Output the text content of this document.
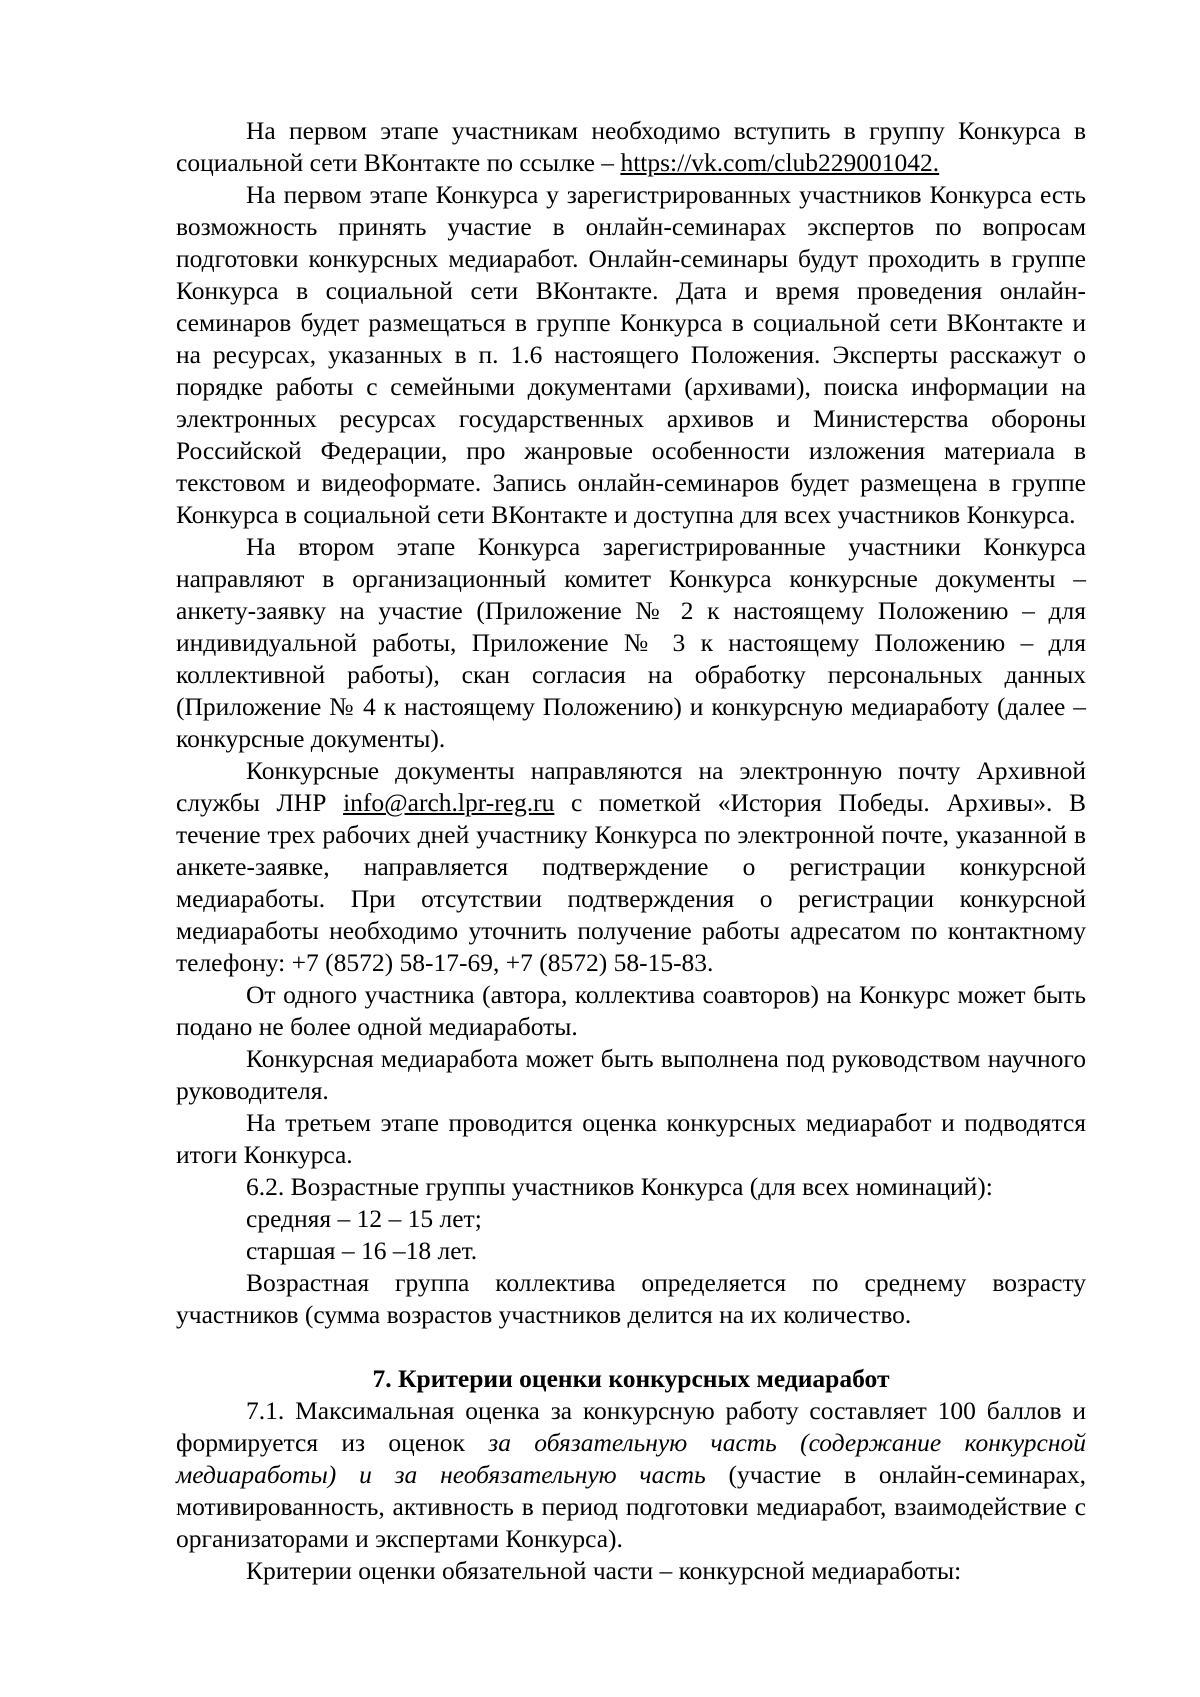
На первом этапе участникам необходимо вступить в группу Конкурса в социальной сети ВКонтакте по ссылке – https://vk.com/club229001042.

На первом этапе Конкурса у зарегистрированных участников Конкурса есть возможность принять участие в онлайн-семинарах экспертов по вопросам подготовки конкурсных медиаработ. Онлайн-семинары будут проходить в группе Конкурса в социальной сети ВКонтакте. Дата и время проведения онлайн-семинаров будет размещаться в группе Конкурса в социальной сети ВКонтакте и на ресурсах, указанных в п. 1.6 настоящего Положения. Эксперты расскажут о порядке работы с семейными документами (архивами), поиска информации на электронных ресурсах государственных архивов и Министерства обороны Российской Федерации, про жанровые особенности изложения материала в текстовом и видеоформате. Запись онлайн-семинаров будет размещена в группе Конкурса в социальной сети ВКонтакте и доступна для всех участников Конкурса.

На втором этапе Конкурса зарегистрированные участники Конкурса направляют в организационный комитет Конкурса конкурсные документы – анкету-заявку на участие (Приложение № 2 к настоящему Положению – для индивидуальной работы, Приложение № 3 к настоящему Положению – для коллективной работы), скан согласия на обработку персональных данных (Приложение № 4 к настоящему Положению) и конкурсную медиаработу (далее – конкурсные документы).

Конкурсные документы направляются на электронную почту Архивной службы ЛНР info@arch.lpr-reg.ru с пометкой «История Победы. Архивы». В течение трех рабочих дней участнику Конкурса по электронной почте, указанной в анкете-заявке, направляется подтверждение о регистрации конкурсной медиаработы. При отсутствии подтверждения о регистрации конкурсной медиаработы необходимо уточнить получение работы адресатом по контактному телефону: +7 (8572) 58-17-69, +7 (8572) 58-15-83.

От одного участника (автора, коллектива соавторов) на Конкурс может быть подано не более одной медиаработы.

Конкурсная медиаработа может быть выполнена под руководством научного руководителя.

На третьем этапе проводится оценка конкурсных медиаработ и подводятся итоги Конкурса.

6.2. Возрастные группы участников Конкурса (для всех номинаций):

средняя – 12 – 15 лет;

старшая – 16 –18 лет.

Возрастная группа коллектива определяется по среднему возрасту участников (сумма возрастов участников делится на их количество.

7. Критерии оценки конкурсных медиаработ

7.1. Максимальная оценка за конкурсную работу составляет 100 баллов и формируется из оценок за обязательную часть (содержание конкурсной медиаработы) и за необязательную часть (участие в онлайн-семинарах, мотивированность, активность в период подготовки медиаработ, взаимодействие с организаторами и экспертами Конкурса).

Критерии оценки обязательной части – конкурсной медиаработы:
